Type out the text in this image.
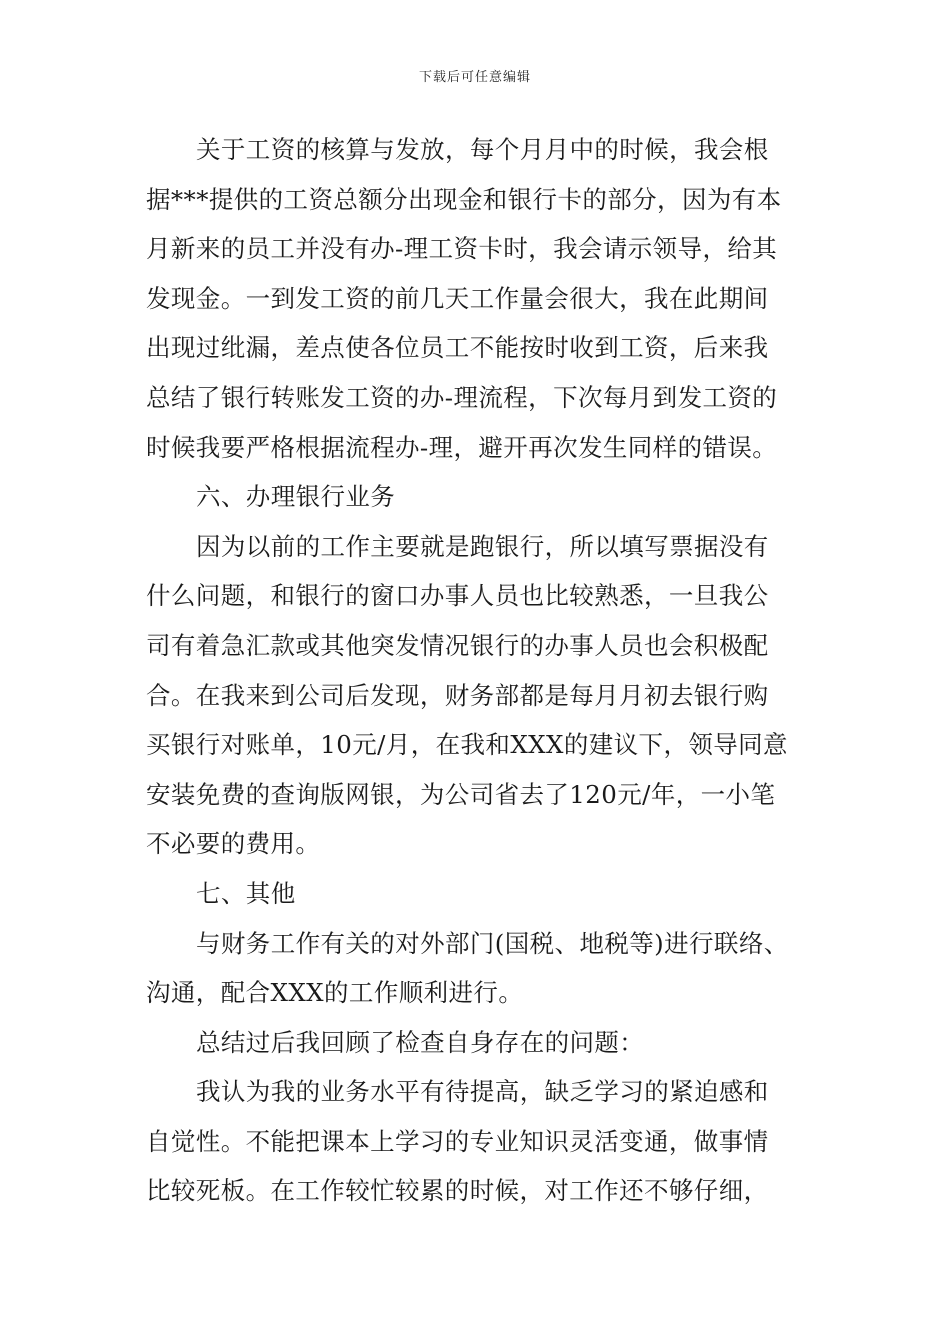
下载后可任意编辑
关于工资的核算与发放，每个月月中的时候，我会根
据***提供的工资总额分出现金和银行卡的部分，因为有本
月新来的员工并没有办-理工资卡时，我会请示领导，给其
发现金。一到发工资的前几天工作量会很大，我在此期间
出现过纰漏，差点使各位员工不能按时收到工资，后来我
总结了银行转账发工资的办-理流程，下次每月到发工资的
时候我要严格根据流程办-理，避开再次发生同样的错误。
六、办理银行业务
因为以前的工作主要就是跑银行，所以填写票据没有
什么问题，和银行的窗口办事人员也比较熟悉，一旦我公
司有着急汇款或其他突发情况银行的办事人员也会积极配
合。在我来到公司后发现，财务部都是每月月初去银行购
买银行对账单，10元/月，在我和XXX的建议下，领导同意
安装免费的查询版网银，为公司省去了120元/年，一小笔
不必要的费用。
七、其他
与财务工作有关的对外部门(国税、地税等)进行联络、
沟通，配合XXX的工作顺利进行。
总结过后我回顾了检查自身存在的问题：
我认为我的业务水平有待提高，缺乏学习的紧迫感和
自觉性。不能把课本上学习的专业知识灵活变通，做事情
比较死板。在工作较忙较累的时候，对工作还不够仔细，
